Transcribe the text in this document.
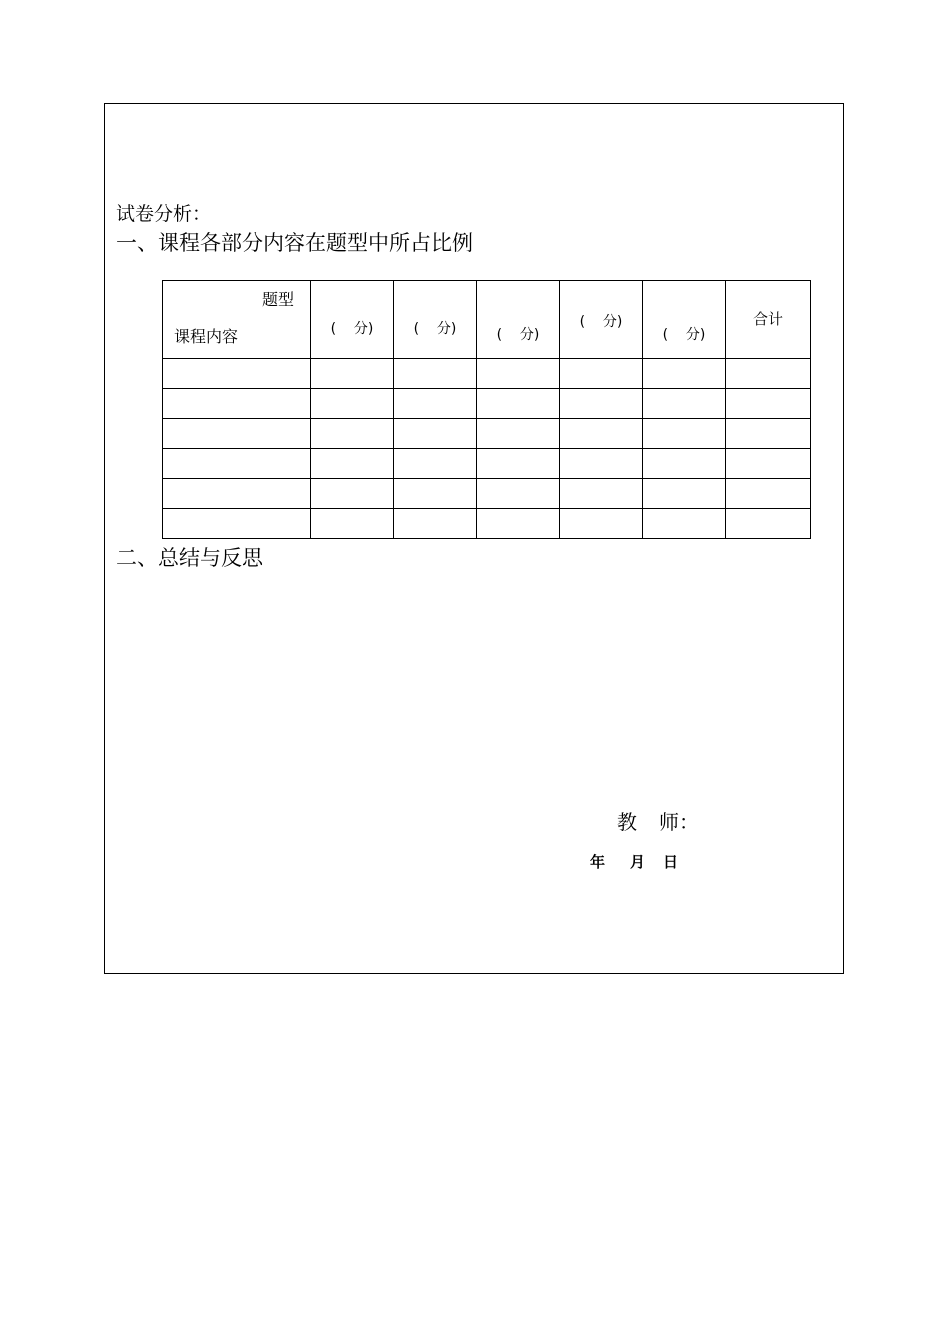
试卷分析：
一、课程各部分内容在题型中所占比例
题型
课程内容	(    分)	(    分)	(    分)	(    分)	(    分)	合计

二、总结与反思
教 师：
年 月 日
